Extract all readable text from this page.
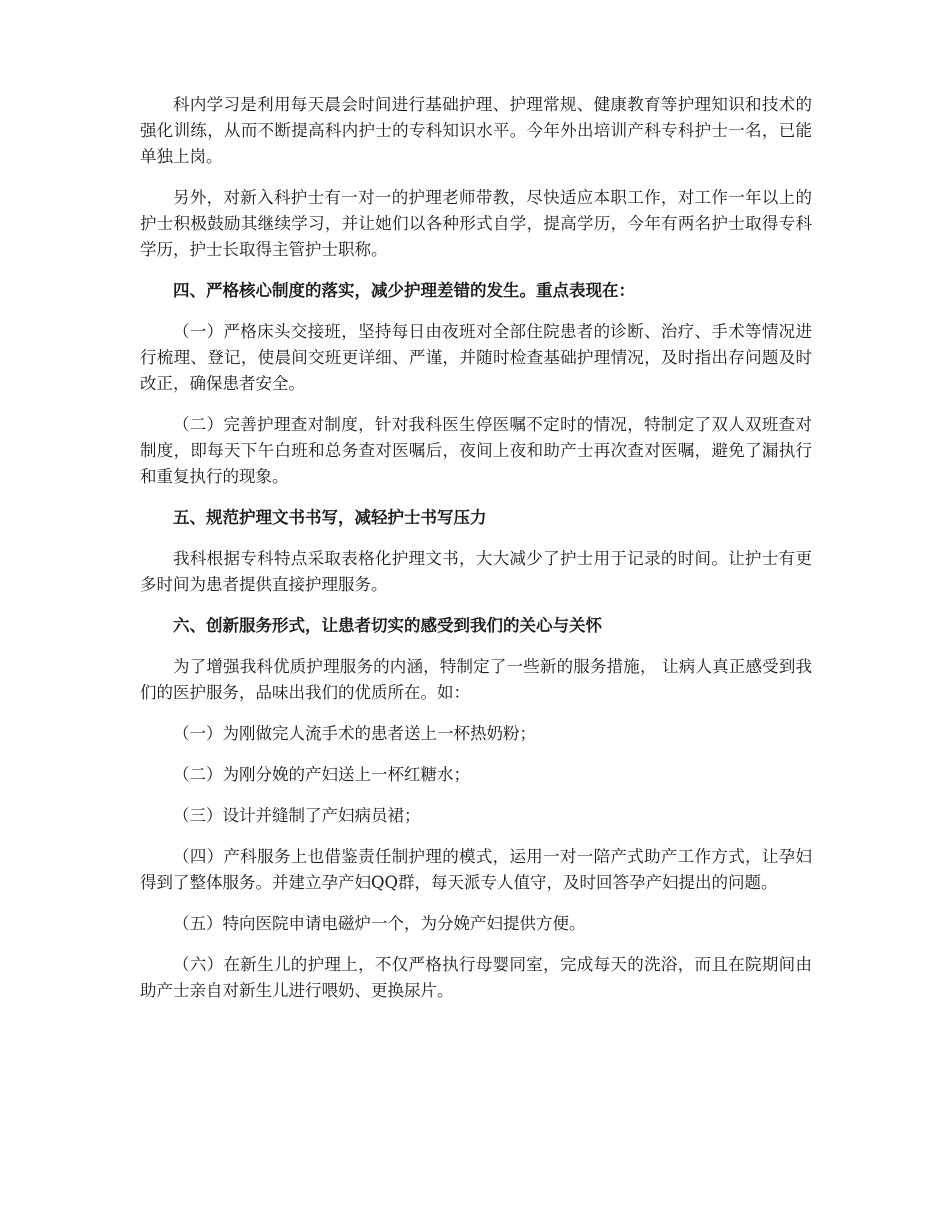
科内学习是利用每天晨会时间进行基础护理、护理常规、健康教育等护理知识和技术的强化训练，从而不断提高科内护士的专科知识水平。今年外出培训产科专科护士一名，已能单独上岗。

另外，对新入科护士有一对一的护理老师带教，尽快适应本职工作，对工作一年以上的护士积极鼓励其继续学习，并让她们以各种形式自学，提高学历，今年有两名护士取得专科学历，护士长取得主管护士职称。

四、严格核心制度的落实，减少护理差错的发生。重点表现在：

（一）严格床头交接班，坚持每日由夜班对全部住院患者的诊断、治疗、手术等情况进行梳理、登记，使晨间交班更详细、严谨，并随时检查基础护理情况，及时指出存问题及时改正，确保患者安全。

（二）完善护理查对制度，针对我科医生停医嘱不定时的情况，特制定了双人双班查对制度，即每天下午白班和总务查对医嘱后，夜间上夜和助产士再次查对医嘱，避免了漏执行和重复执行的现象。

五、规范护理文书书写，减轻护士书写压力

我科根据专科特点采取表格化护理文书，大大减少了护士用于记录的时间。让护士有更多时间为患者提供直接护理服务。

六、创新服务形式，让患者切实的感受到我们的关心与关怀

为了增强我科优质护理服务的内涵，特制定了一些新的服务措施， 让病人真正感受到我们的医护服务，品味出我们的优质所在。如：

（一）为刚做完人流手术的患者送上一杯热奶粉；

（二）为刚分娩的产妇送上一杯红糖水；

（三）设计并缝制了产妇病员裙；

（四）产科服务上也借鉴责任制护理的模式，运用一对一陪产式助产工作方式，让孕妇得到了整体服务。并建立孕产妇QQ群，每天派专人值守，及时回答孕产妇提出的问题。

（五）特向医院申请电磁炉一个，为分娩产妇提供方便。

（六）在新生儿的护理上，不仅严格执行母婴同室，完成每天的洗浴，而且在院期间由助产士亲自对新生儿进行喂奶、更换尿片。
